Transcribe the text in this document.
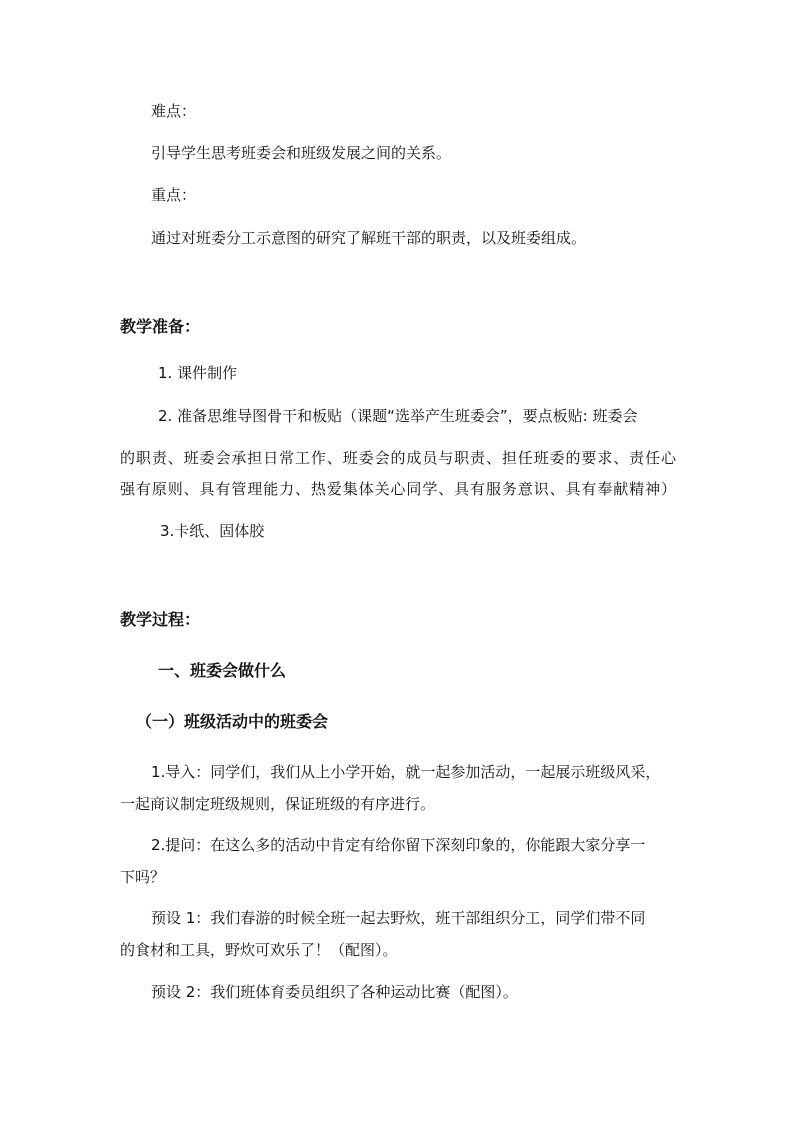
难点：
引导学生思考班委会和班级发展之间的关系。
重点：
通过对班委分工示意图的研究了解班干部的职责，以及班委组成。
教学准备：
1. 课件制作
2. 准备思维导图骨干和板贴（课题“选举产生班委会”，要点板贴: 班委会
的职责、班委会承担日常工作、班委会的成员与职责、担任班委的要求、责任心
强有原则、具有管理能力、热爱集体关心同学、具有服务意识、具有奉献精神）
3.卡纸、固体胶
教学过程：
一、班委会做什么
（一）班级活动中的班委会
1.导入：同学们，我们从上小学开始，就一起参加活动，一起展示班级风采，
一起商议制定班级规则，保证班级的有序进行。
2.提问：在这么多的活动中肯定有给你留下深刻印象的，你能跟大家分享一
下吗？
预设 1：我们春游的时候全班一起去野炊，班干部组织分工，同学们带不同
的食材和工具，野炊可欢乐了！（配图）。
预设 2：我们班体育委员组织了各种运动比赛（配图）。
